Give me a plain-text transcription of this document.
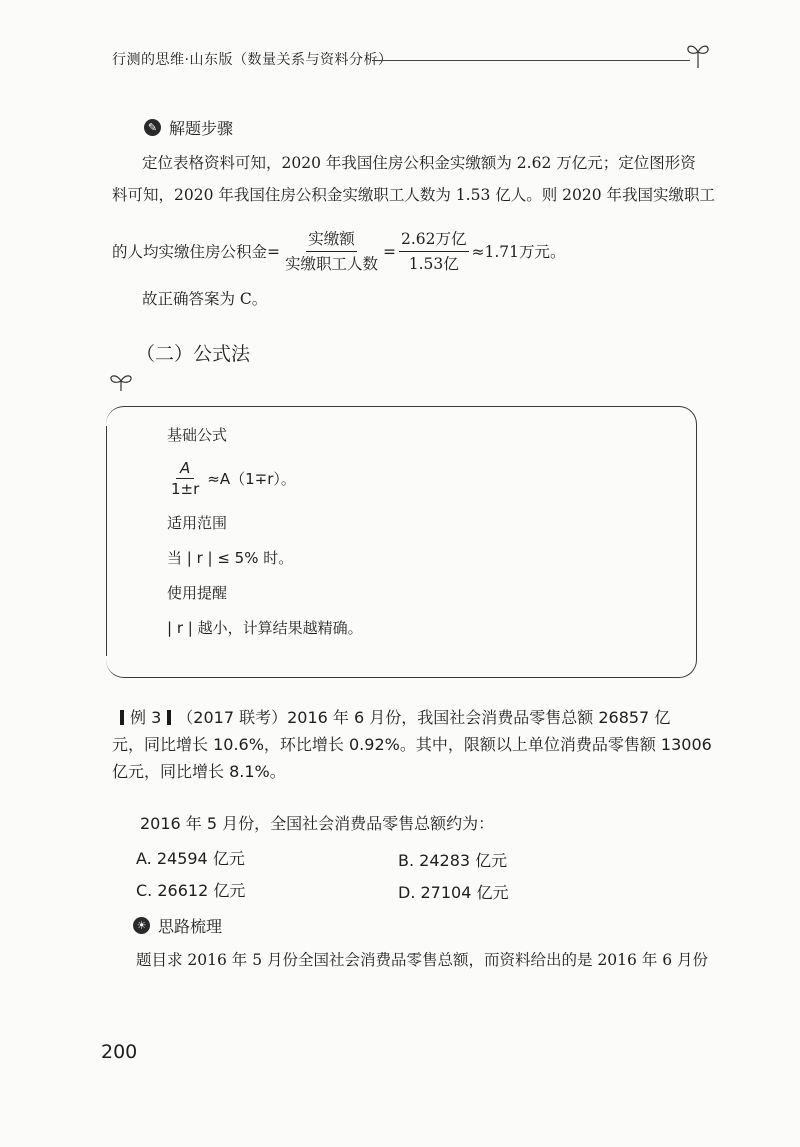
行测的思维·山东版（数量关系与资料分析）
✎ 解题步骤
定位表格资料可知，2020 年我国住房公积金实缴额为 2.62 万亿元；定位图形资
料可知，2020 年我国住房公积金实缴职工人数为 1.53 亿人。则 2020 年我国实缴职工
的人均实缴住房公积金= $\frac{\text{实缴额}}{\text{实缴职工人数}} = \frac{\text{2.62万亿}}{\text{1.53亿}} \approx 1.71$万元。
故正确答案为 C。
（二）公式法
基础公式
$\frac{A}{1\pm r} \approx A(1\mp r)$。
适用范围
当 | r | ≤ 5% 时。
使用提醒
| r | 越小，计算结果越精确。
例 3 （2017 联考）2016 年 6 月份，我国社会消费品零售总额 26857 亿
元，同比增长 10.6%，环比增长 0.92%。其中，限额以上单位消费品零售额 13006
亿元，同比增长 8.1%。
2016 年 5 月份，全国社会消费品零售总额约为：
A. 24594 亿元	B. 24283 亿元
C. 26612 亿元	D. 27104 亿元
☀ 思路梳理
题目求 2016 年 5 月份全国社会消费品零售总额，而资料给出的是 2016 年 6 月份
200
